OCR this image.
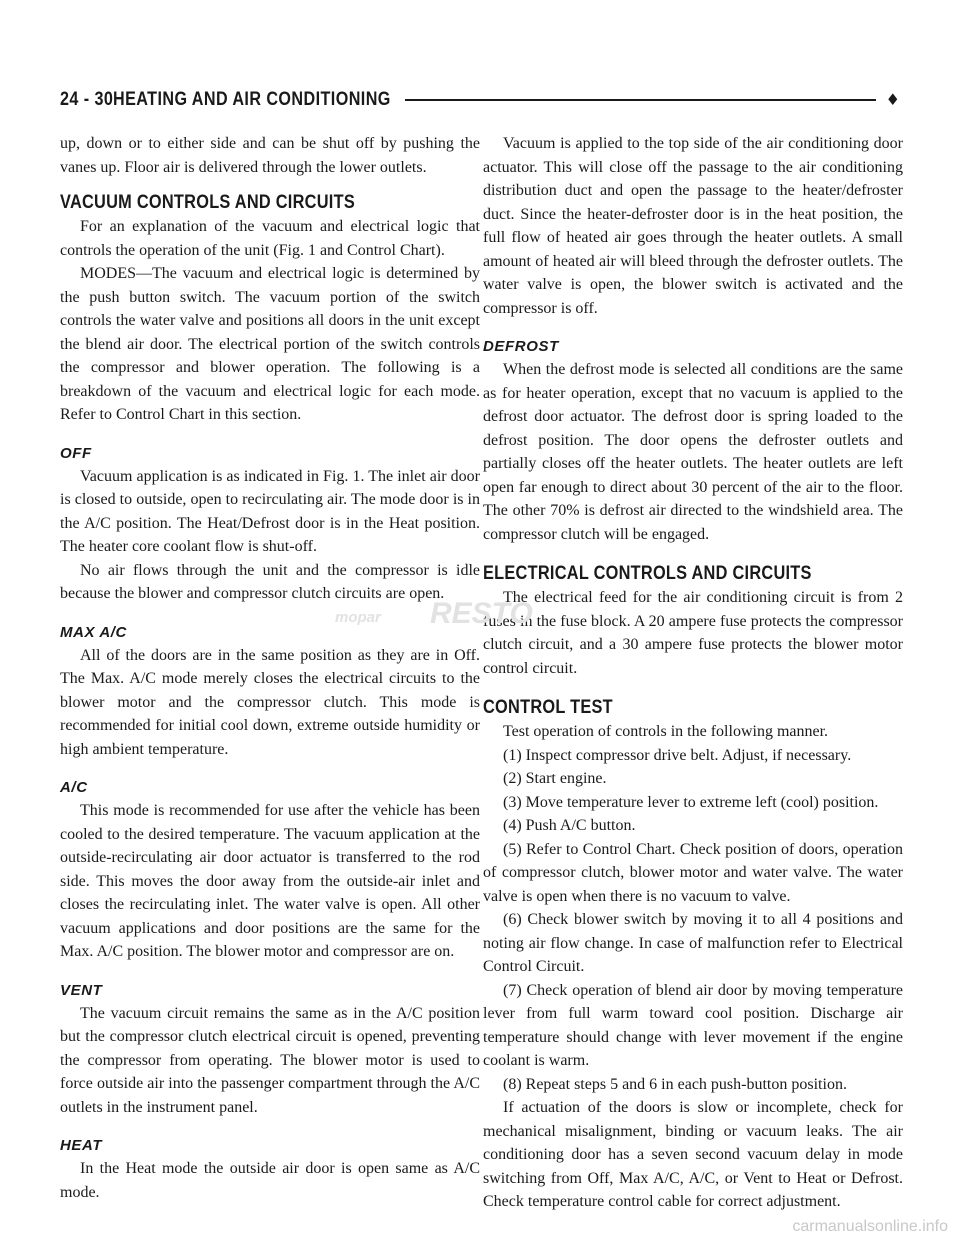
24 - 30 HEATING AND AIR CONDITIONING	♦

up, down or to either side and can be shut off by pushing the vanes up. Floor air is delivered through the lower outlets.

VACUUM CONTROLS AND CIRCUITS

For an explanation of the vacuum and electrical logic that controls the operation of the unit (Fig. 1 and Control Chart).

MODES—The vacuum and electrical logic is determined by the push button switch. The vacuum portion of the switch controls the water valve and positions all doors in the unit except the blend air door. The electrical portion of the switch controls the compressor and blower operation. The following is a breakdown of the vacuum and electrical logic for each mode. Refer to Control Chart in this section.

OFF

Vacuum application is as indicated in Fig. 1. The inlet air door is closed to outside, open to recirculating air. The mode door is in the A/C position. The Heat/Defrost door is in the Heat position. The heater core coolant flow is shut-off.

No air flows through the unit and the compressor is idle because the blower and compressor clutch circuits are open.

MAX A/C

All of the doors are in the same position as they are in Off. The Max. A/C mode merely closes the electrical circuits to the blower motor and the compressor clutch. This mode is recommended for initial cool down, extreme outside humidity or high ambient temperature.

A/C

This mode is recommended for use after the vehicle has been cooled to the desired temperature. The vacuum application at the outside-recirculating air door actuator is transferred to the rod side. This moves the door away from the outside-air inlet and closes the recirculating inlet. The water valve is open. All other vacuum applications and door positions are the same for the Max. A/C position. The blower motor and compressor are on.

VENT

The vacuum circuit remains the same as in the A/C position but the compressor clutch electrical circuit is opened, preventing the compressor from operating. The blower motor is used to force outside air into the passenger compartment through the A/C outlets in the instrument panel.

HEAT

In the Heat mode the outside air door is open same as A/C mode.

Vacuum is applied to the top side of the air conditioning door actuator. This will close off the passage to the air conditioning distribution duct and open the passage to the heater/defroster duct. Since the heater-defroster door is in the heat position, the full flow of heated air goes through the heater outlets. A small amount of heated air will bleed through the defroster outlets. The water valve is open, the blower switch is activated and the compressor is off.

DEFROST

When the defrost mode is selected all conditions are the same as for heater operation, except that no vacuum is applied to the defrost door actuator. The defrost door is spring loaded to the defrost position. The door opens the defroster outlets and partially closes off the heater outlets. The heater outlets are left open far enough to direct about 30 percent of the air to the floor. The other 70% is defrost air directed to the windshield area. The compressor clutch will be engaged.

ELECTRICAL CONTROLS AND CIRCUITS

The electrical feed for the air conditioning circuit is from 2 fuses in the fuse block. A 20 ampere fuse protects the compressor clutch circuit, and a 30 ampere fuse protects the blower motor control circuit.

CONTROL TEST

Test operation of controls in the following manner.

(1) Inspect compressor drive belt. Adjust, if necessary.

(2) Start engine.

(3) Move temperature lever to extreme left (cool) position.

(4) Push A/C button.

(5) Refer to Control Chart. Check position of doors, operation of compressor clutch, blower motor and water valve. The water valve is open when there is no vacuum to valve.

(6) Check blower switch by moving it to all 4 positions and noting air flow change. In case of malfunction refer to Electrical Control Circuit.

(7) Check operation of blend air door by moving temperature lever from full warm toward cool position. Discharge air temperature should change with lever movement if the engine coolant is warm.

(8) Repeat steps 5 and 6 in each push-button position.

If actuation of the doors is slow or incomplete, check for mechanical misalignment, binding or vacuum leaks. The air conditioning door has a seven second vacuum delay in mode switching from Off, Max A/C, A/C, or Vent to Heat or Defrost. Check temperature control cable for correct adjustment.

mopar RESTO
carmanualsonline.info
